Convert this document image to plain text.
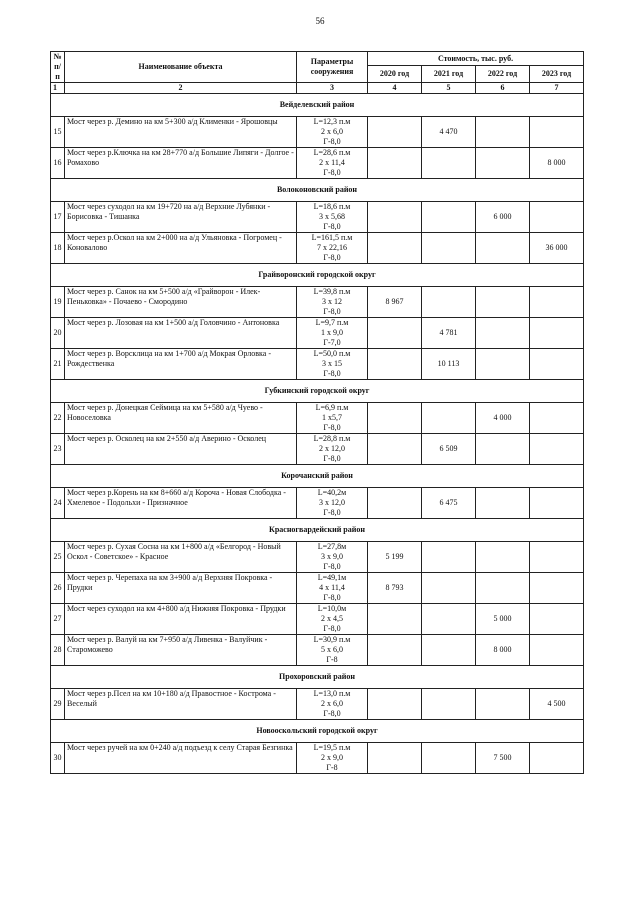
56
№ п/п	Наименование объекта	Параметры сооружения	Стоимость, тыс. руб.			
			2020 год	2021 год	2022 год	2023 год
1	2	3	4	5	6	7
Вейделевский район						
15	Мост через р. Демино на км 5+300 а/д Клименки - Ярошовцы	L=12,3 п.м
2 х 6,0
Г-8,0		4 470		
16	Мост через р.Ключка на км 28+770 а/д Большие Липяги - Долгое - Ромахово	L=28,6 п.м
2 х 11,4
Г-8,0				8 000
Волоконовский район						
17	Мост через суходол на км 19+720 на а/д Верхние Лубянки - Борисовка - Тишанка	L=18,6 п.м
3 х 5,68
Г-8,0			6 000	
18	Мост через р.Оскол на км 2+000 на а/д Ульяновка - Погромец - Коновалово	L=161,5 п.м
7 х 22,16
Г-8,0				36 000
Грайворонский городской округ						
19	Мост через р. Санок на км 5+500 а/д «Грайворон - Илек-Пеньковка» - Почаево - Смородино	L=39,8 п.м
3 х 12
Г-8,0	8 967			
20	Мост через р. Лозовая на км 1+500 а/д Головчино - Антоновка	L=9,7 п.м
1 х 9,0
Г-7,0		4 781		
21	Мост через р. Ворсклица на км 1+700 а/д Мокрая Орловка - Рождественка	L=50,0 п.м
3 х 15
Г-8,0		10 113		
Губкинский городской округ						
22	Мост через р. Донецкая Сеймица на км 5+580 а/д Чуево - Новоселовка	L=6,9 п.м
1 х5,7
Г-8,0			4 000	
23	Мост через р. Осколец на км 2+550 а/д Аверино - Осколец	L=28,8 п.м
2 х 12,0
Г-8,0		6 509		
Корочанский район						
24	Мост через р.Корень на км 8+660 а/д Короча - Новая Слободка - Хмелевое - Подольхи - Призначное	L=40,2м
3 х 12,0
Г-8,0		6 475		
Красногвардейский район						
25	Мост через р. Сухая Сосна на км 1+800 а/д «Белгород - Новый Оскол - Советское» - Красное	L=27,8м
3 х 9,0
Г-8,0	5 199			
26	Мост через р. Черепаха на км 3+900 а/д Верхняя Покровка - Прудки	L=49,1м
4 х 11,4
Г-8,0	8 793			
27	Мост через суходол на км 4+800 а/д Нижняя Покровка - Прудки	L=10,0м
2 х 4,5
Г-8,0			5 000	
28	Мост через р. Валуй на км 7+950 а/д Ливенка - Валуйчик - Староможево	L=30,9 п.м
5 х 6,0
Г-8			8 000	
Прохоровский район						
29	Мост через р.Псел на км 10+180 а/д Правостное - Кострома - Веселый	L=13,0 п.м
2 х 6,0
Г-8,0				4 500
Новооскольский городской округ						
30	Мост через ручей на км 0+240 а/д подъезд к селу Старая Безгинка	L=19,5 п.м
2 х 9,0
Г-8			7 500	
